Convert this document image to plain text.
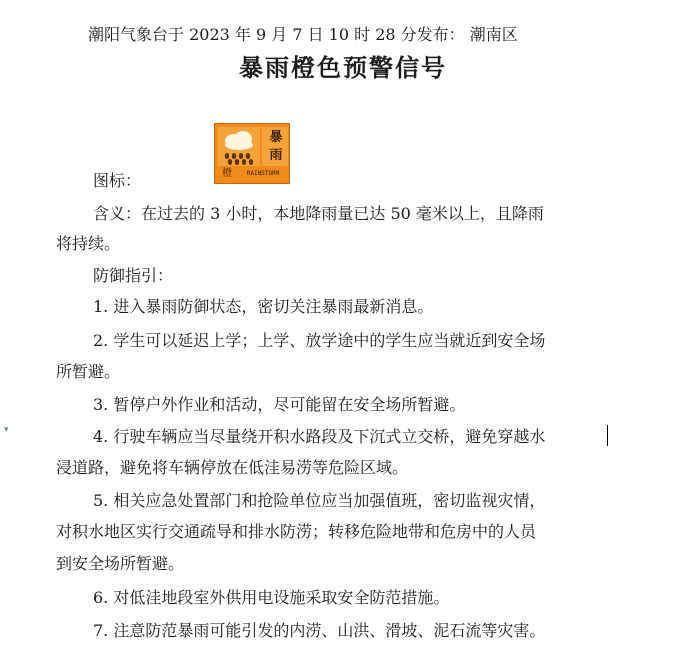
潮阳气象台于 2023 年 9 月 7 日 10 时 28 分发布： 潮南区
暴雨橙色预警信号
暴
雨
橙	RAINSTORM
图标：
含义：在过去的 3 小时，本地降雨量已达 50 毫米以上，且降雨
将持续。
防御指引：
1. 进入暴雨防御状态，密切关注暴雨最新消息。
2. 学生可以延迟上学；上学、放学途中的学生应当就近到安全场
所暂避。
3. 暂停户外作业和活动，尽可能留在安全场所暂避。
4. 行驶车辆应当尽量绕开积水路段及下沉式立交桥，避免穿越水
浸道路，避免将车辆停放在低洼易涝等危险区域。
5. 相关应急处置部门和抢险单位应当加强值班，密切监视灾情，
对积水地区实行交通疏导和排水防涝；转移危险地带和危房中的人员
到安全场所暂避。
6. 对低洼地段室外供用电设施采取安全防范措施。
7. 注意防范暴雨可能引发的内涝、山洪、滑坡、泥石流等灾害。
▾
